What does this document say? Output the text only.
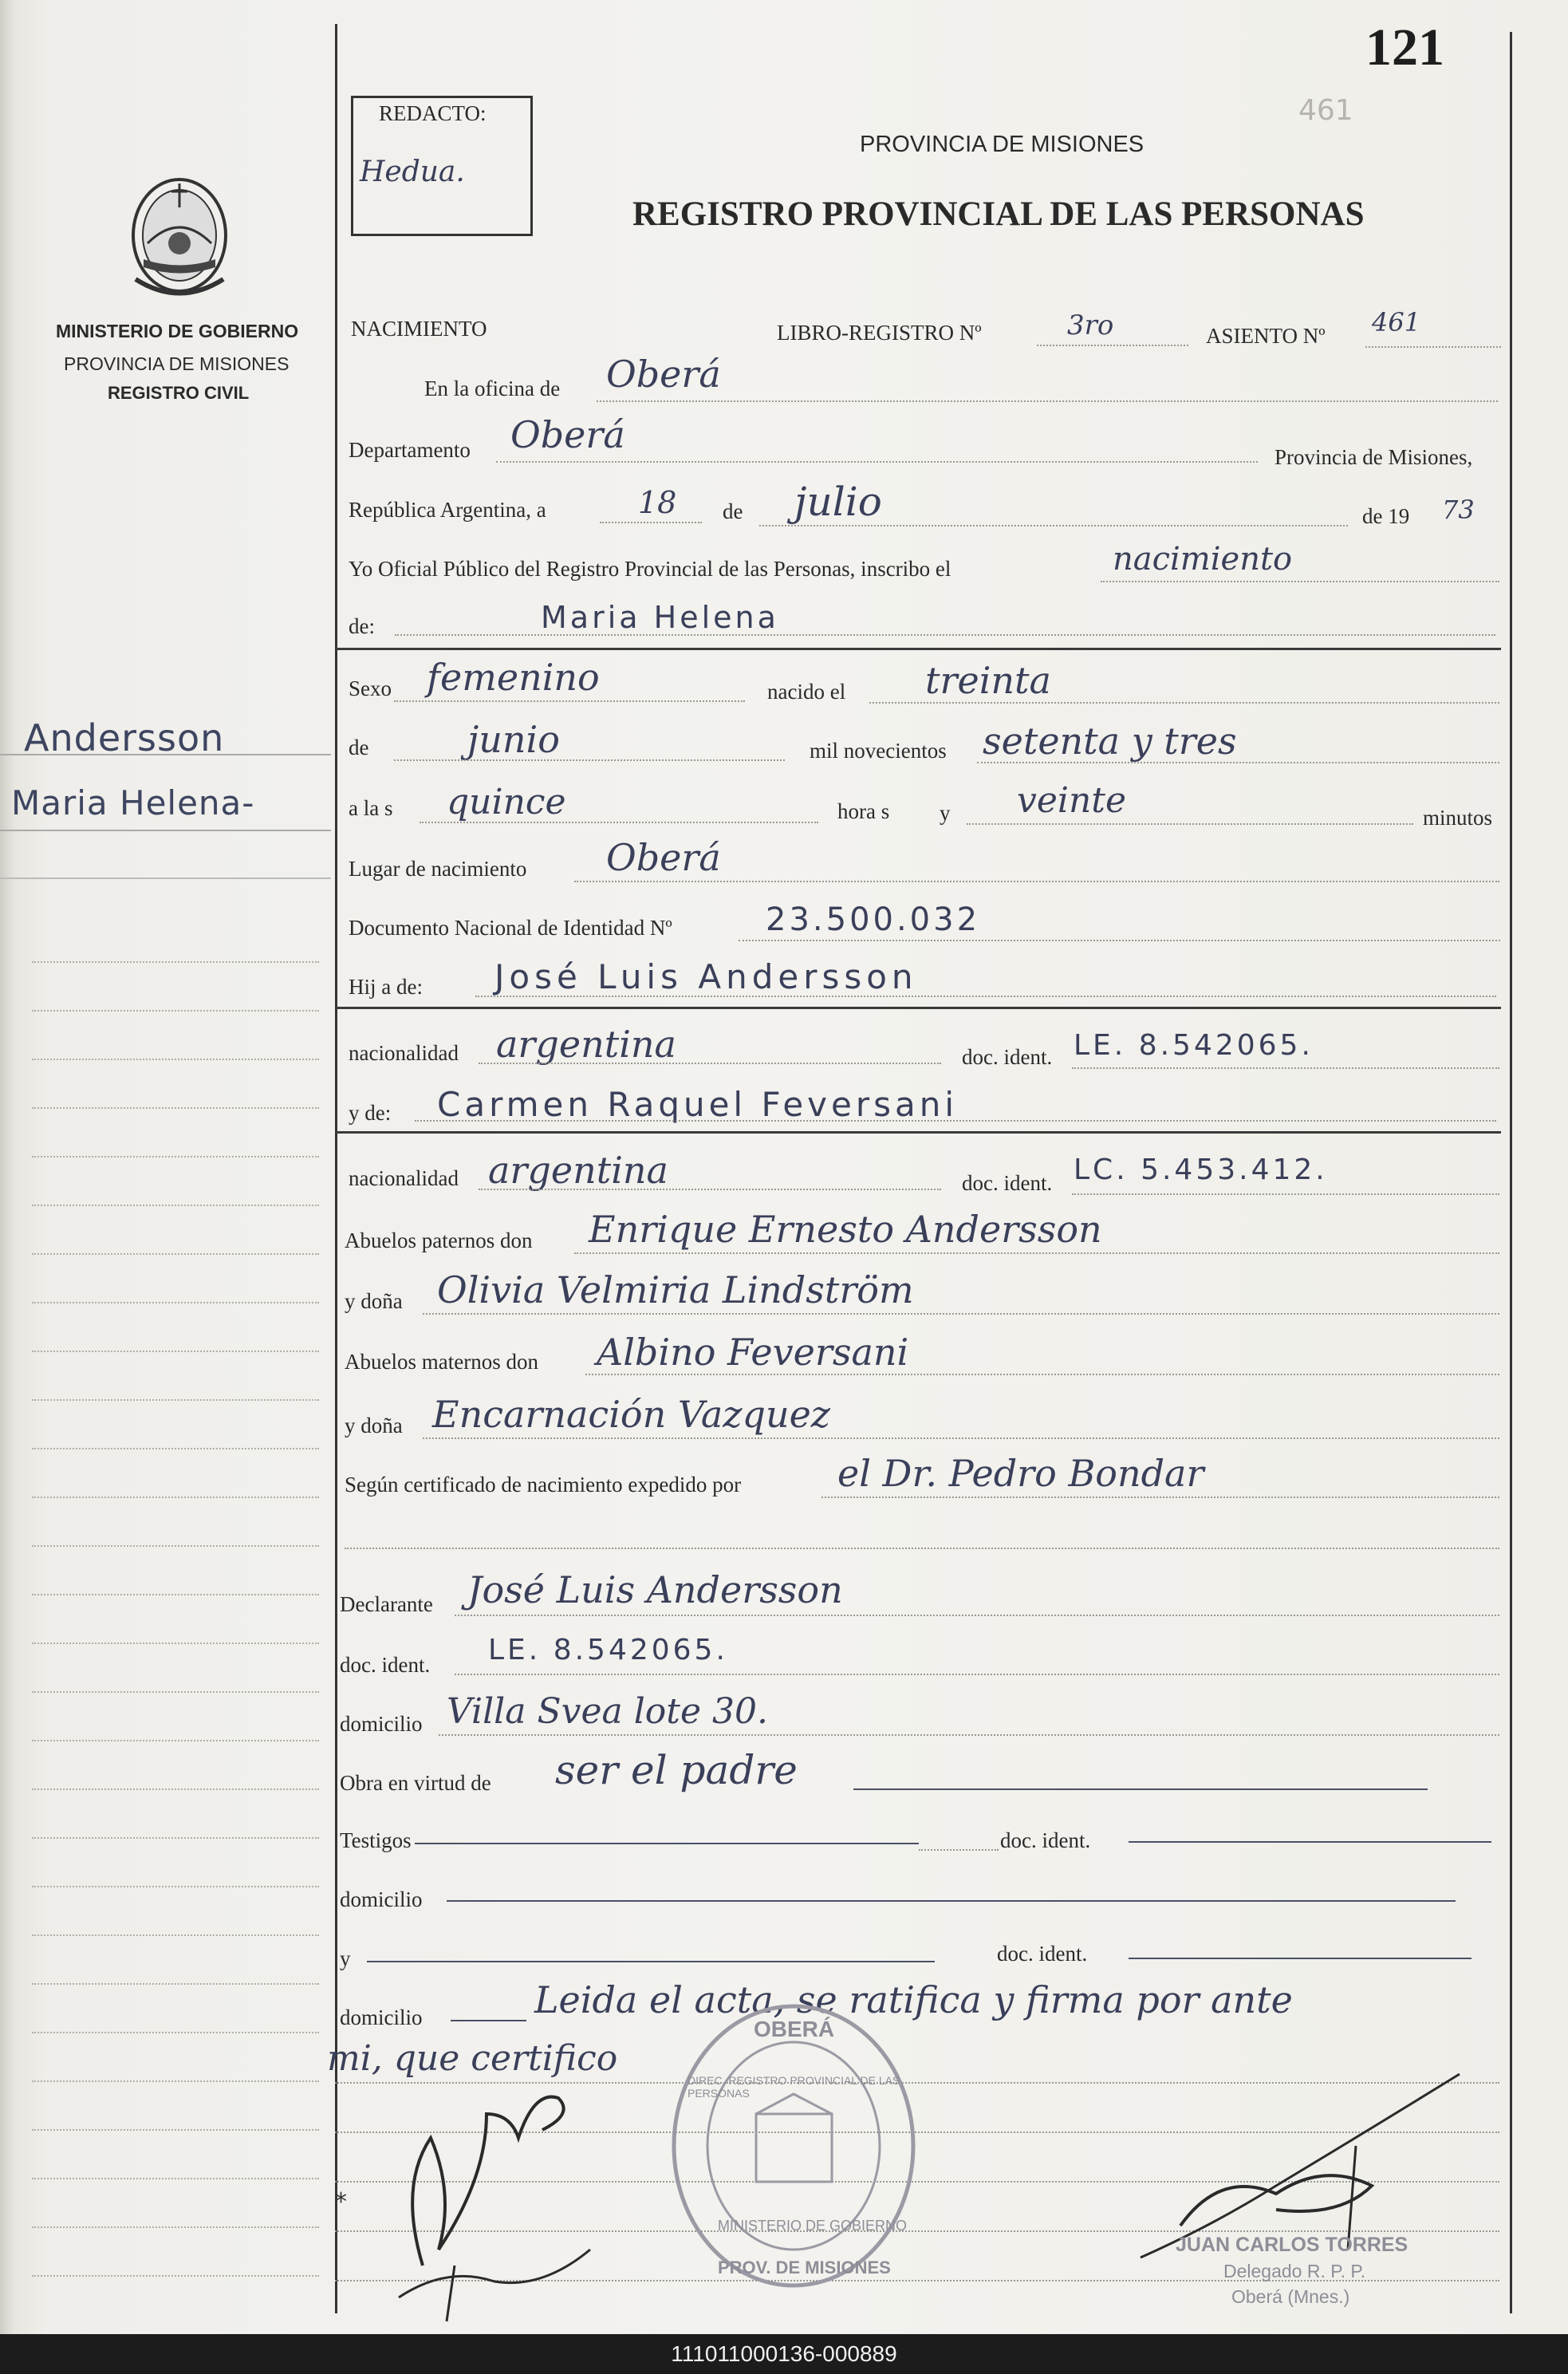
MINISTERIO DE GOBIERNO
PROVINCIA DE MISIONES
REGISTRO CIVIL
Andersson
Maria Helena-
121
461
REDACTO:
Hedua.
PROVINCIA DE MISIONES
REGISTRO PROVINCIAL DE LAS PERSONAS
NACIMIENTO	LIBRO-REGISTRO Nº	3ro	ASIENTO Nº 461
En la oficina de Oberá
Departamento Oberá
Provincia de Misiones,
República Argentina, a	18 de julio	de 19 73
Yo Oficial Público del Registro Provincial de las Personas, inscribo el	nacimiento
de:	Maria Helena
Sexo femenino	nacido el treinta
de	junio	mil novecientos setenta y tres
a la s quince	hora s y veinte	minutos
Lugar de nacimiento Oberá
Documento Nacional de Identidad Nº	23.500.032
Hij a de: José Luis Andersson
nacionalidad argentina	doc. ident. LE. 8.542065.
y de: Carmen Raquel Feversani
nacionalidad argentina	doc. ident. LC. 5.453.412.
Abuelos paternos don Enrique Ernesto Andersson
y doña Olivia Velmiria Lindström
Abuelos maternos don Albino Feversani
y doña Encarnación Vazquez
Según certificado de nacimiento expedido por	el Dr. Pedro Bondar
Declarante José Luis Andersson
doc. ident. LE. 8.542065.
domicilio Villa Svea lote 30.
Obra en virtud de ser el padre
Testigos	doc. ident.
domicilio
y	doc. ident.
domicilio	Leida el acta, se ratifica y firma por ante
mi, que certifico
*
OBERÁ
DIREC. REGISTRO PROVINCIAL DE LAS PERSONAS
MINISTERIO DE GOBIERNO
PROV. DE MISIONES
JUAN CARLOS TORRES
Delegado R. P. P.
Oberá (Mnes.)
111011000136-000889
